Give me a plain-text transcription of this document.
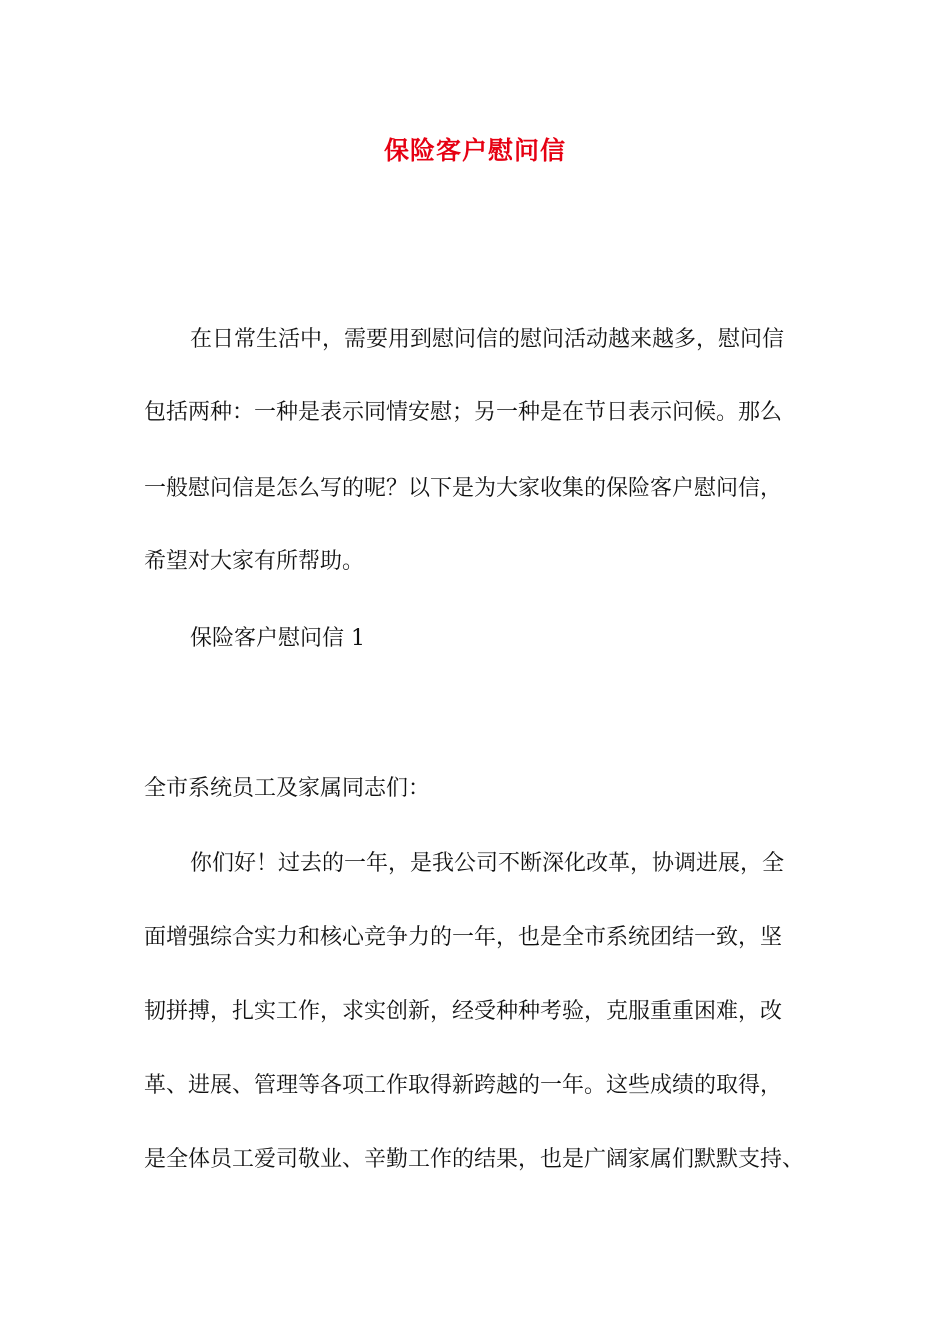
保险客户慰问信
在日常生活中，需要用到慰问信的慰问活动越来越多，慰问信
包括两种：一种是表示同情安慰；另一种是在节日表示问候。那么
一般慰问信是怎么写的呢？以下是为大家收集的保险客户慰问信，
希望对大家有所帮助。
保险客户慰问信 1
全市系统员工及家属同志们：
你们好！过去的一年，是我公司不断深化改革，协调进展，全
面增强综合实力和核心竞争力的一年，也是全市系统团结一致，坚
韧拼搏，扎实工作，求实创新，经受种种考验，克服重重困难，改
革、进展、管理等各项工作取得新跨越的一年。这些成绩的取得，
是全体员工爱司敬业、辛勤工作的结果，也是广阔家属们默默支持、
